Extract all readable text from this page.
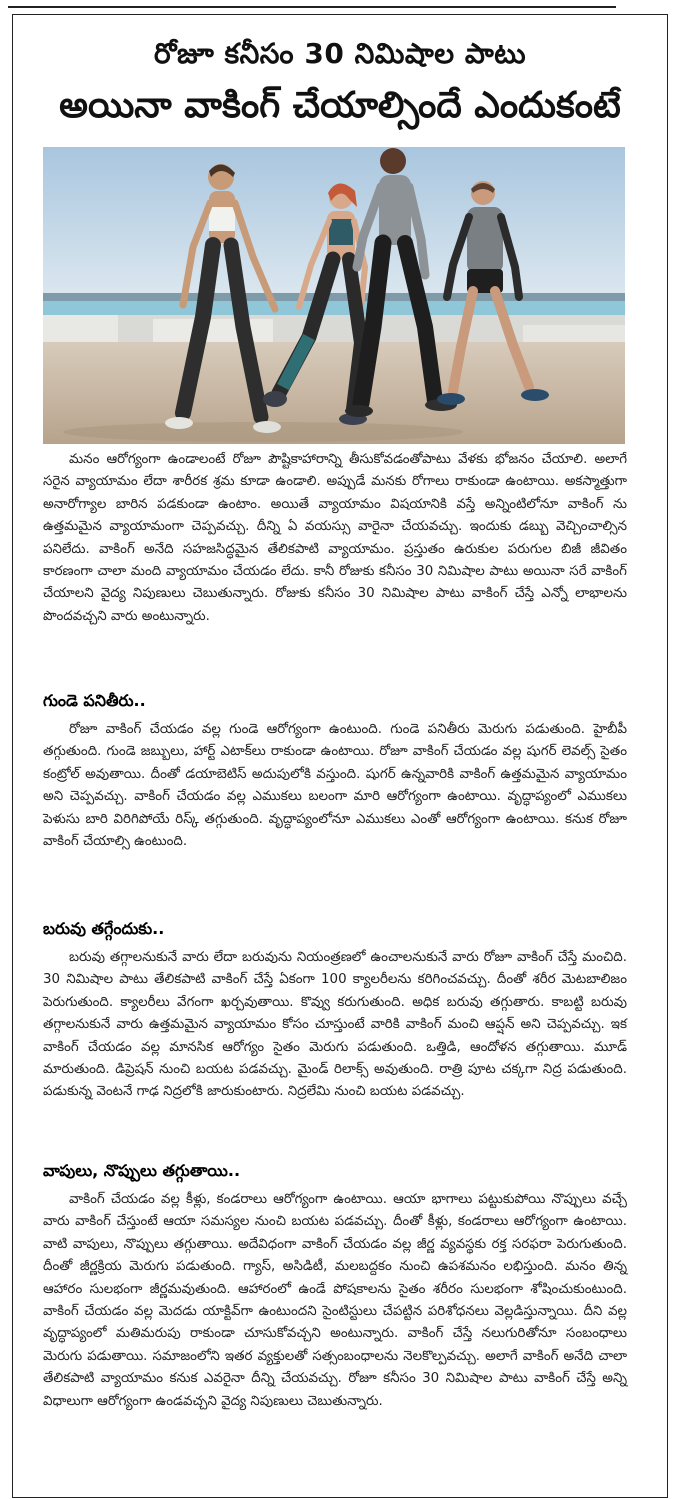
రోజూ కనీసం 30 నిమిషాల పాటు
అయినా వాకింగ్ చేయాల్సిందే ఎందుకంటే
మనం ఆరోగ్యంగా ఉండాలంటే రోజూ పౌష్టికాహారాన్ని తీసుకోవడంతోపాటు వేళకు భోజనం చేయాలి. అలాగే సరైన వ్యాయామం లేదా శారీరక శ్రమ కూడా ఉండాలి. అప్పుడే మనకు రోగాలు రాకుండా ఉంటాయి. అకస్మాత్తుగా అనారోగ్యాల బారిన పడకుండా ఉంటాం. అయితే వ్యాయామం విషయానికి వస్తే అన్నింటిలోనూ వాకింగ్ ను ఉత్తమమైన వ్యాయామంగా చెప్పవచ్చు. దీన్ని ఏ వయస్సు వారైనా చేయవచ్చు. ఇందుకు డబ్బు వెచ్చించాల్సిన పనిలేదు. వాకింగ్ అనేది సహజసిద్ధమైన తేలికపాటి వ్యాయామం. ప్రస్తుతం ఉరుకుల పరుగుల బిజీ జీవితం కారణంగా చాలా మంది వ్యాయామం చేయడం లేదు. కానీ రోజుకు కనీసం 30 నిమిషాల పాటు అయినా సరే వాకింగ్ చేయాలని వైద్య నిపుణులు చెబుతున్నారు. రోజుకు కనీసం 30 నిమిషాల పాటు వాకింగ్ చేస్తే ఎన్నో లాభాలను పొందవచ్చని వారు అంటున్నారు.
గుండె పనితీరు..
రోజూ వాకింగ్ చేయడం వల్ల గుండె ఆరోగ్యంగా ఉంటుంది. గుండె పనితీరు మెరుగు పడుతుంది. హైబీపీ తగ్గుతుంది. గుండె జబ్బులు, హార్ట్ ఎటాక్‌లు రాకుండా ఉంటాయి. రోజూ వాకింగ్ చేయడం వల్ల షుగర్ లెవల్స్ సైతం కంట్రోల్ అవుతాయి. దీంతో డయాబెటిస్ అదుపులోకి వస్తుంది. షుగర్ ఉన్నవారికి వాకింగ్ ఉత్తమమైన వ్యాయామం అని చెప్పవచ్చు. వాకింగ్ చేయడం వల్ల ఎముకలు బలంగా మారి ఆరోగ్యంగా ఉంటాయి. వృద్ధాప్యంలో ఎముకలు పెళుసు బారి విరిగిపోయే రిస్క్ తగ్గుతుంది. వృద్ధాప్యంలోనూ ఎముకలు ఎంతో ఆరోగ్యంగా ఉంటాయి. కనుక రోజూ వాకింగ్ చేయాల్సి ఉంటుంది.
బరువు తగ్గేందుకు..
బరువు తగ్గాలనుకునే వారు లేదా బరువును నియంత్రణలో ఉంచాలనుకునే వారు రోజూ వాకింగ్ చేస్తే మంచిది. 30 నిమిషాల పాటు తేలికపాటి వాకింగ్ చేస్తే ఏకంగా 100 క్యాలరీలను కరిగించవచ్చు. దీంతో శరీర మెటబాలిజం పెరుగుతుంది. క్యాలరీలు వేగంగా ఖర్చవుతాయి. కొవ్వు కరుగుతుంది. అధిక బరువు తగ్గుతారు. కాబట్టి బరువు తగ్గాలనుకునే వారు ఉత్తమమైన వ్యాయామం కోసం చూస్తుంటే వారికి వాకింగ్ మంచి ఆప్షన్ అని చెప్పవచ్చు. ఇక వాకింగ్ చేయడం వల్ల మానసిక ఆరోగ్యం సైతం మెరుగు పడుతుంది. ఒత్తిడి, ఆందోళన తగ్గుతాయి. మూడ్ మారుతుంది. డిప్రెషన్ నుంచి బయట పడవచ్చు. మైండ్ రిలాక్స్ అవుతుంది. రాత్రి పూట చక్కగా నిద్ర పడుతుంది. పడుకున్న వెంటనే గాఢ నిద్రలోకి జారుకుంటారు. నిద్రలేమి నుంచి బయట పడవచ్చు.
వాపులు, నొప్పులు తగ్గుతాయి..
వాకింగ్ చేయడం వల్ల కీళ్లు, కండరాలు ఆరోగ్యంగా ఉంటాయి. ఆయా భాగాలు పట్టుకుపోయి నొప్పులు వచ్చే వారు వాకింగ్ చేస్తుంటే ఆయా సమస్యల నుంచి బయట పడవచ్చు. దీంతో కీళ్లు, కండరాలు ఆరోగ్యంగా ఉంటాయి. వాటి వాపులు, నొప్పులు తగ్గుతాయి. అదేవిధంగా వాకింగ్ చేయడం వల్ల జీర్ణ వ్యవస్థకు రక్త సరఫరా పెరుగుతుంది. దీంతో జీర్ణక్రియ మెరుగు పడుతుంది. గ్యాస్, అసిడిటీ, మలబద్దకం నుంచి ఉపశమనం లభిస్తుంది. మనం తిన్న ఆహారం సులభంగా జీర్ణమవుతుంది. ఆహారంలో ఉండే పోషకాలను సైతం శరీరం సులభంగా శోషించుకుంటుంది. వాకింగ్ చేయడం వల్ల మెదడు యాక్టివ్‌గా ఉంటుందని సైంటిస్టులు చేపట్టిన పరిశోధనలు వెల్లడిస్తున్నాయి. దీని వల్ల వృద్ధాప్యంలో మతిమరుపు రాకుండా చూసుకోవచ్చని అంటున్నారు. వాకింగ్ చేస్తే నలుగురితోనూ సంబంధాలు మెరుగు పడుతాయి. సమాజంలోని ఇతర వ్యక్తులతో సత్సంబంధాలను నెలకొల్పవచ్చు. అలాగే వాకింగ్ అనేది చాలా తేలికపాటి వ్యాయామం కనుక ఎవరైనా దీన్ని చేయవచ్చు. రోజూ కనీసం 30 నిమిషాల పాటు వాకింగ్ చేస్తే అన్ని విధాలుగా ఆరోగ్యంగా ఉండవచ్చని వైద్య నిపుణులు చెబుతున్నారు.
